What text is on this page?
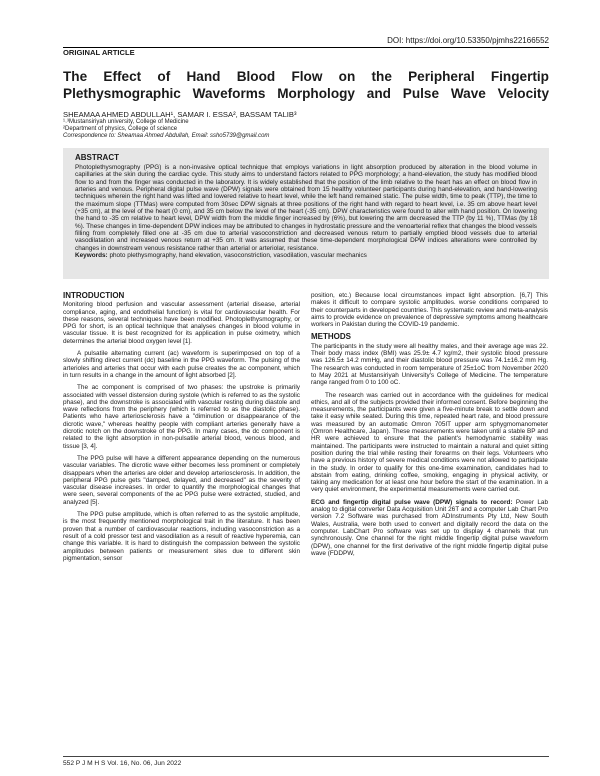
DOI: https://doi.org/10.53350/pjmhs22166552
ORIGINAL ARTICLE
The Effect of Hand Blood Flow on the Peripheral Fingertip Plethysmographic Waveforms Morphology and Pulse Wave Velocity
SHEAMAA AHMED ABDULLAH¹, SAMAR I. ESSA², BASSAM TALIB³
¹˒³Mustansiriyah university, College of Medicine
²Department of physics, College of science
Correspondence to: Sheamaa Ahmed Abdullah, Email: ssho5739@gmail.com
ABSTRACT
Photoplethysmography (PPG) is a non-invasive optical technique that employs variations in light absorption produced by alteration in the blood volume in capillaries at the skin during the cardiac cycle. This study aims to understand factors related to PPG morphology; a hand-elevation, the study has modified blood flow to and from the finger was conducted in the laboratory. It is widely established that the position of the limb relative to the heart has an effect on blood flow in arteries and venous. Peripheral digital pulse wave (DPW) signals were obtained from 15 healthy volunteer participants during hand-elevation, and hand-lowering techniques wherein the right hand was lifted and lowered relative to heart level, while the left hand remained static. The pulse width, time to peak (TTP), the time to the maximum slope (TTMas) were computed from 30sec DPW signals at three positions of the right hand with regard to heart level, i.e. 35 cm above heart level (+35 cm), at the level of the heart (0 cm), and 35 cm below the level of the heart (-35 cm). DPW characteristics were found to alter with hand position. On lowering the hand to -35 cm relative to heart level, DPW width from the middle finger increased by (6%), but lowering the arm decreased the TTP (by 11 %), TTMas (by 18 %). These changes in time-dependent DPW indices may be attributed to changes in hydrostatic pressure and the venoarterial reflex that changes the blood vessels filling from completely filled one at -35 cm due to arterial vasoconstriction and decreased venous return to partially emptied blood vessels due to arterial vasodilatation and increased venous return at +35 cm. It was assumed that these time-dependent morphological DPW indices alterations were controlled by changes in downstream venous resistance rather than arterial or arteriolar, resistance.
Keywords: photo plethysmography, hand elevation, vasoconstriction, vasodilation, vascular mechanics
INTRODUCTION

Monitoring blood perfusion and vascular assessment (arterial disease, arterial compliance, aging, and endothelial function) is vital for cardiovascular health. For these reasons, several techniques have been modified. Photoplethysmography, or PPG for short, is an optical technique that analyses changes in blood volume in vascular tissue. It is best recognized for its application in pulse oximetry, which determines the arterial blood oxygen level [1].

A pulsatile alternating current (ac) waveform is superimposed on top of a slowly shifting direct current (dc) baseline in the PPG waveform. The pulsing of the arterioles and arteries that occur with each pulse creates the ac component, which in turn results in a change in the amount of light absorbed [2].

The ac component is comprised of two phases: the upstroke is primarily associated with vessel distension during systole (which is referred to as the systolic phase), and the downstroke is associated with vascular resting during diastole and wave reflections from the periphery (which is referred to as the diastolic phase). Patients who have arteriosclerosis have a "diminution or disappearance of the dicrotic wave," whereas healthy people with compliant arteries generally have a dicrotic notch on the downstroke of the PPG. In many cases, the dc component is related to the light absorption in non-pulsatile arterial blood, venous blood, and tissue [3, 4].

The PPG pulse will have a different appearance depending on the numerous vascular variables. The dicrotic wave either becomes less prominent or completely disappears when the arteries are older and develop arteriosclerosis. In addition, the peripheral PPG pulse gets "damped, delayed, and decreased" as the severity of vascular disease increases. In order to quantify the morphological changes that were seen, several components of the ac PPG pulse were extracted, studied, and analyzed [5].

The PPG pulse amplitude, which is often referred to as the systolic amplitude, is the most frequently mentioned morphological trait in the literature. It has been proven that a number of cardiovascular reactions, including vasoconstriction as a result of a cold pressor test and vasodilation as a result of reactive hyperemia, can change this variable. It is hard to distinguish the compassion between the systolic amplitudes between patients or measurement sites due to different skin pigmentation, sensor

position, etc.) Because local circumstances impact light absorption. [6,7] This makes it difficult to compare systolic amplitudes. worse conditions compared to their counterparts in developed countries. This systematic review and meta-analysis aims to provide evidence on prevalence of depressive symptoms among healthcare workers in Pakistan during the COVID-19 pandemic.

METHODS

The participants in the study were all healthy males, and their average age was 22. Their body mass index (BMI) was 25.9± 4.7 kg/m2, their systolic blood pressure was 126.5± 14.2 mmHg, and their diastolic blood pressure was 74.1±16.2 mm Hg. The research was conducted in room temperature of 25±1oC from November 2020 to May 2021 at Mustansiriyah University's College of Medicine. The temperature range ranged from 0 to 100 oC.

The research was carried out in accordance with the guidelines for medical ethics, and all of the subjects provided their informed consent. Before beginning the measurements, the participants were given a five-minute break to settle down and take it easy while seated. During this time, repeated heart rate, and blood pressure was measured by an automatic Omron 705IT upper arm sphygmomanometer (Omron Healthcare, Japan). These measurements were taken until a stable BP and HR were achieved to ensure that the patient's hemodynamic stability was maintained. The participants were instructed to maintain a natural and quiet sitting position during the trial while resting their forearms on their legs. Volunteers who have a previous history of severe medical conditions were not allowed to participate in the study. In order to qualify for this one-time examination, candidates had to abstain from eating, drinking coffee, smoking, engaging in physical activity, or taking any medication for at least one hour before the start of the examination. In a very quiet environment, the experimental measurements were carried out.

ECG and fingertip digital pulse wave (DPW) signals to record: Power Lab analog to digital converter Data Acquisition Unit 26T and a computer Lab Chart Pro version 7.2 Software was purchased from ADInstruments Pty Ltd, New South Wales, Australia, were both used to convert and digitally record the data on the computer. LabChart Pro software was set up to display 4 channels that run synchronously. One channel for the right middle fingertip digital pulse waveform (DPW), one channel for the first derivative of the right middle fingertip digital pulse wave (FDDPW,

552 P J M H S Vol. 16, No. 06, Jun 2022
